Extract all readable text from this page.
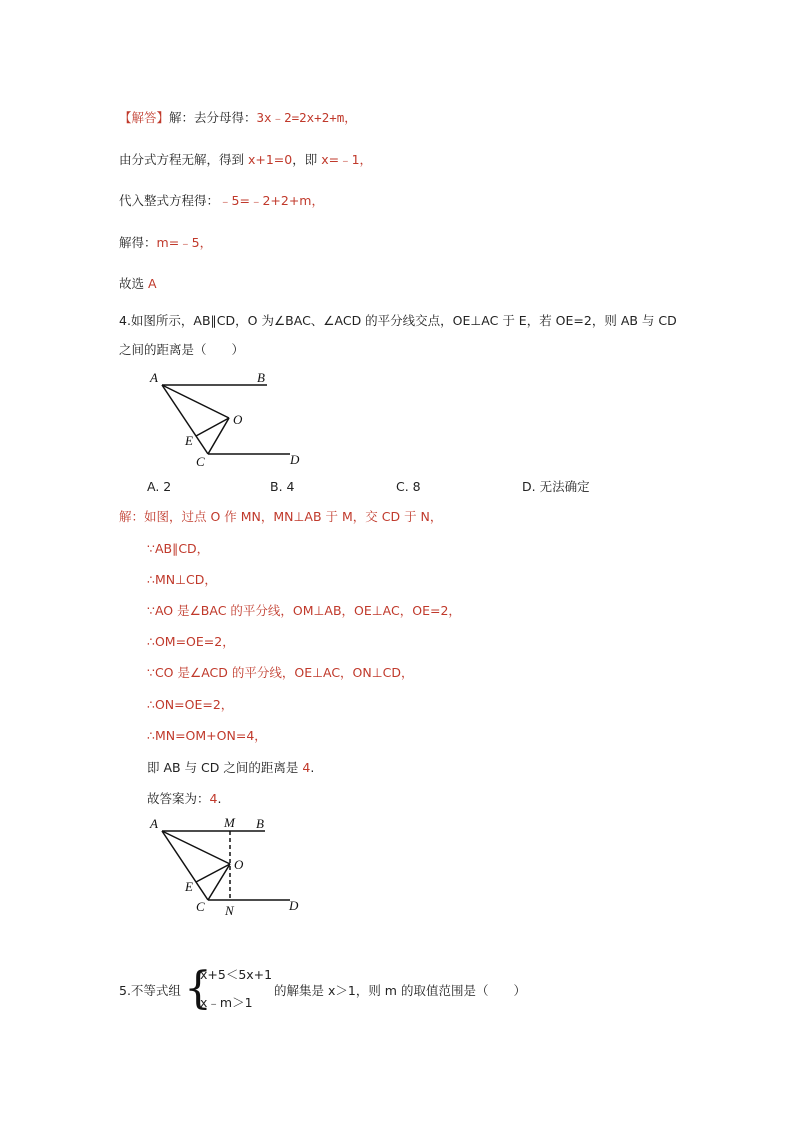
【解答】解：去分母得：3x﹣2=2x+2+m，
由分式方程无解，得到 x+1=0，即 x=﹣1，
代入整式方程得：﹣5=﹣2+2+m，
解得：m=﹣5，
故选 A
4.如图所示，AB∥CD，O 为∠BAC、∠ACD 的平分线交点，OE⊥AC 于 E，若 OE=2，则 AB 与 CD
之间的距离是（　　）
A	B
O
E
C	D
A. 2	B. 4	C. 8	D. 无法确定
解：如图，过点 O 作 MN，MN⊥AB 于 M，交 CD 于 N，
∵AB∥CD，
∴MN⊥CD，
∵AO 是∠BAC 的平分线，OM⊥AB，OE⊥AC，OE=2，
∴OM=OE=2，
∵CO 是∠ACD 的平分线，OE⊥AC，ON⊥CD，
∴ON=OE=2，
∴MN=OM+ON=4，
即 AB 与 CD 之间的距离是 4.
故答案为：4.
A	M B
O
E
C N	D
5.不等式组 {
x+5＜5x+1
x﹣m＞1
的解集是 x＞1，则 m 的取值范围是（　　）
